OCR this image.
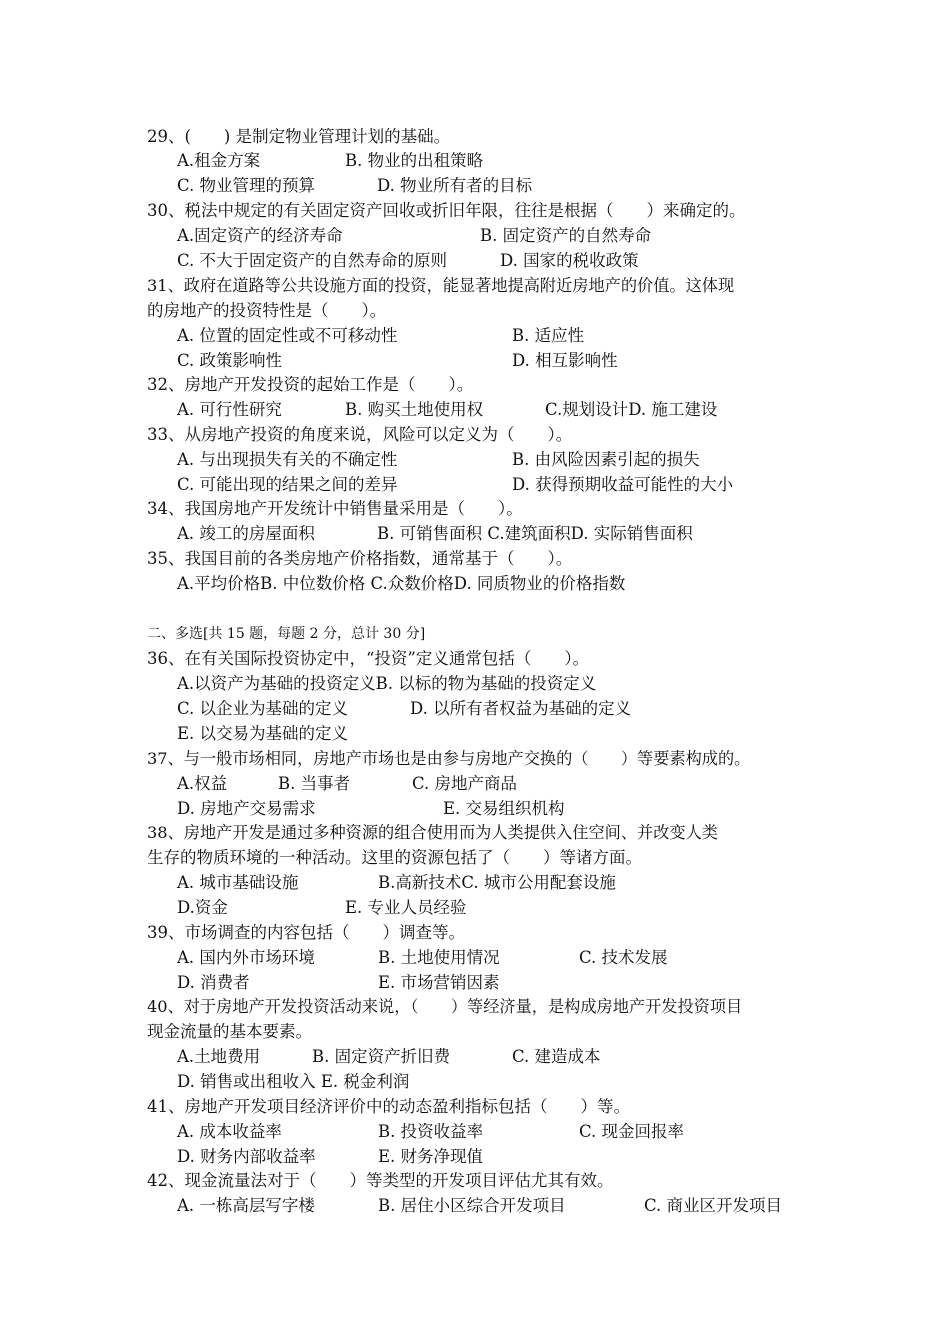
29、(　　) 是制定物业管理计划的基础。
A.租金方案	B. 物业的出租策略
C. 物业管理的预算	D. 物业所有者的目标
30、税法中规定的有关固定资产回收或折旧年限，往往是根据（　　）来确定的。
A.固定资产的经济寿命	B. 固定资产的自然寿命
C. 不大于固定资产的自然寿命的原则	D. 国家的税收政策
31、政府在道路等公共设施方面的投资，能显著地提高附近房地产的价值。这体现
的房地产的投资特性是（　　）。
A. 位置的固定性或不可移动性	B. 适应性
C. 政策影响性	D. 相互影响性
32、房地产开发投资的起始工作是（　　）。
A. 可行性研究	B. 购买土地使用权	C.规划设计D. 施工建设
33、从房地产投资的角度来说，风险可以定义为（　　）。
A. 与出现损失有关的不确定性	B. 由风险因素引起的损失
C. 可能出现的结果之间的差异	D. 获得预期收益可能性的大小
34、我国房地产开发统计中销售量采用是（　　）。
A. 竣工的房屋面积	B. 可销售面积 C.建筑面积D. 实际销售面积
35、我国目前的各类房地产价格指数，通常基于（　　）。
A.平均价格B. 中位数价格 C.众数价格D. 同质物业的价格指数
二、多选[共 15 题，每题 2 分，总计 30 分]
36、在有关国际投资协定中，“投资”定义通常包括（　　）。
A.以资产为基础的投资定义B. 以标的物为基础的投资定义
C. 以企业为基础的定义	D. 以所有者权益为基础的定义
E. 以交易为基础的定义
37、与一般市场相同，房地产市场也是由参与房地产交换的（　　）等要素构成的。
A.权益	B. 当事者	C. 房地产商品
D. 房地产交易需求	E. 交易组织机构
38、房地产开发是通过多种资源的组合使用而为人类提供入住空间、并改变人类
生存的物质环境的一种活动。这里的资源包括了（　　）等诸方面。
A. 城市基础设施	B.高新技术C. 城市公用配套设施
D.资金	E. 专业人员经验
39、市场调查的内容包括（　　）调查等。
A. 国内外市场环境	B. 土地使用情况	C. 技术发展
D. 消费者	E. 市场营销因素
40、对于房地产开发投资活动来说，（　　）等经济量，是构成房地产开发投资项目
现金流量的基本要素。
A.土地费用	B. 固定资产折旧费	C. 建造成本
D. 销售或出租收入 E. 税金利润
41、房地产开发项目经济评价中的动态盈利指标包括（　　）等。
A. 成本收益率	B. 投资收益率	C. 现金回报率
D. 财务内部收益率	E. 财务净现值
42、现金流量法对于（　　）等类型的开发项目评估尤其有效。
A. 一栋高层写字楼	B. 居住小区综合开发项目	C. 商业区开发项目
